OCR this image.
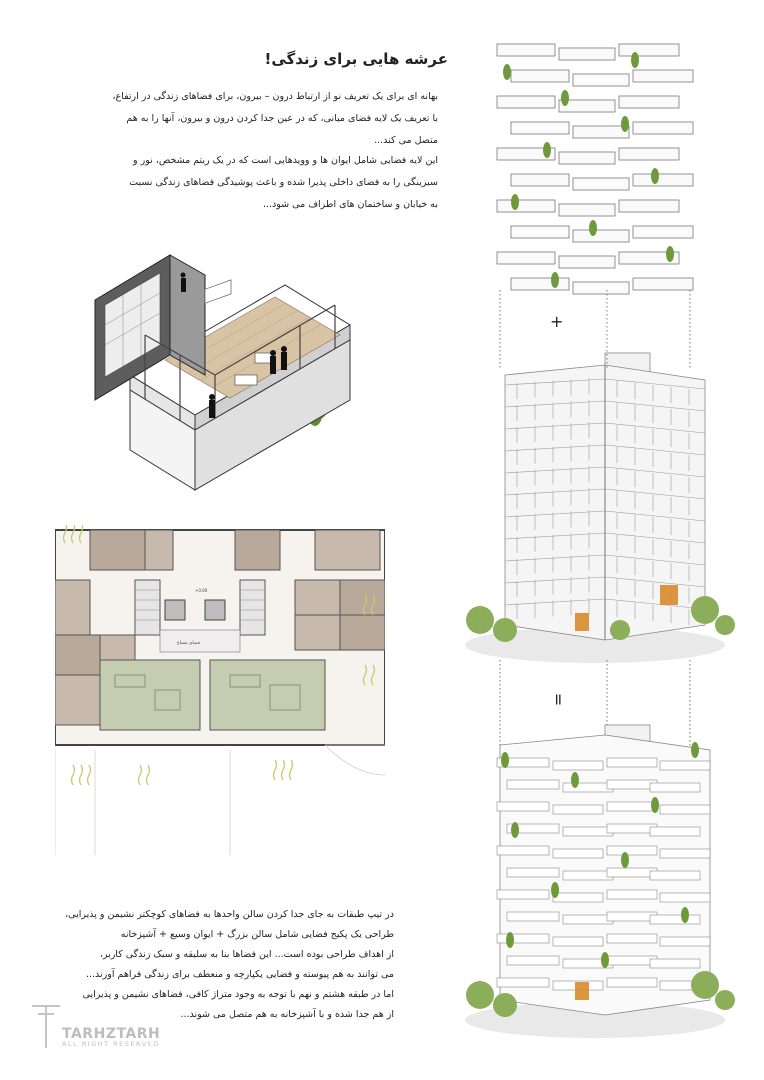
عرشه هایی برای زندگی!
بهانه ای برای یک تعریف نو از ارتباط درون – بیرون، برای فضاهای زندگی در ارتفاع،
با تعریف یک لایه فضای میانی، که در عین جدا کردن درون و بیرون، آنها را به هم
متصل می کند...
این لایه فضایی شامل ایوان ها و ووید‌هایی است که در یک ریتم مشخص، نور و
سبزینگی را به فضای داخلی پذیرا شده و باعث پوشیدگی فضاهای زندگی نسبت
به خیابان و ساختمان های اطراف می شود...
فضای مشاع
+0.00
+
=
در تیپ طبقات به جای جدا کردن سالن واحدها به فضاهای کوچکتر نشیمن و پذیرایی،
طراحی یک پکیج فضایی شامل سالن بزرگ + ایوان وسیع + آشپزخانه
از اهداف طراحی بوده است... این فضاها بنا به سلیقه و سبک زندگی کاربر،
می توانند به هم پیوسته و فضایی یکپارچه و منعطف برای زندگی فراهم آورند...
اما در طبقه هشتم و نهم با توجه به وجود متراژ کافی، فضاهای نشیمن و پذیرایی
از هم جدا شده و با آشپزخانه به هم متصل می شوند...
TARHZTARH
ALL RIGHT RESERVED
